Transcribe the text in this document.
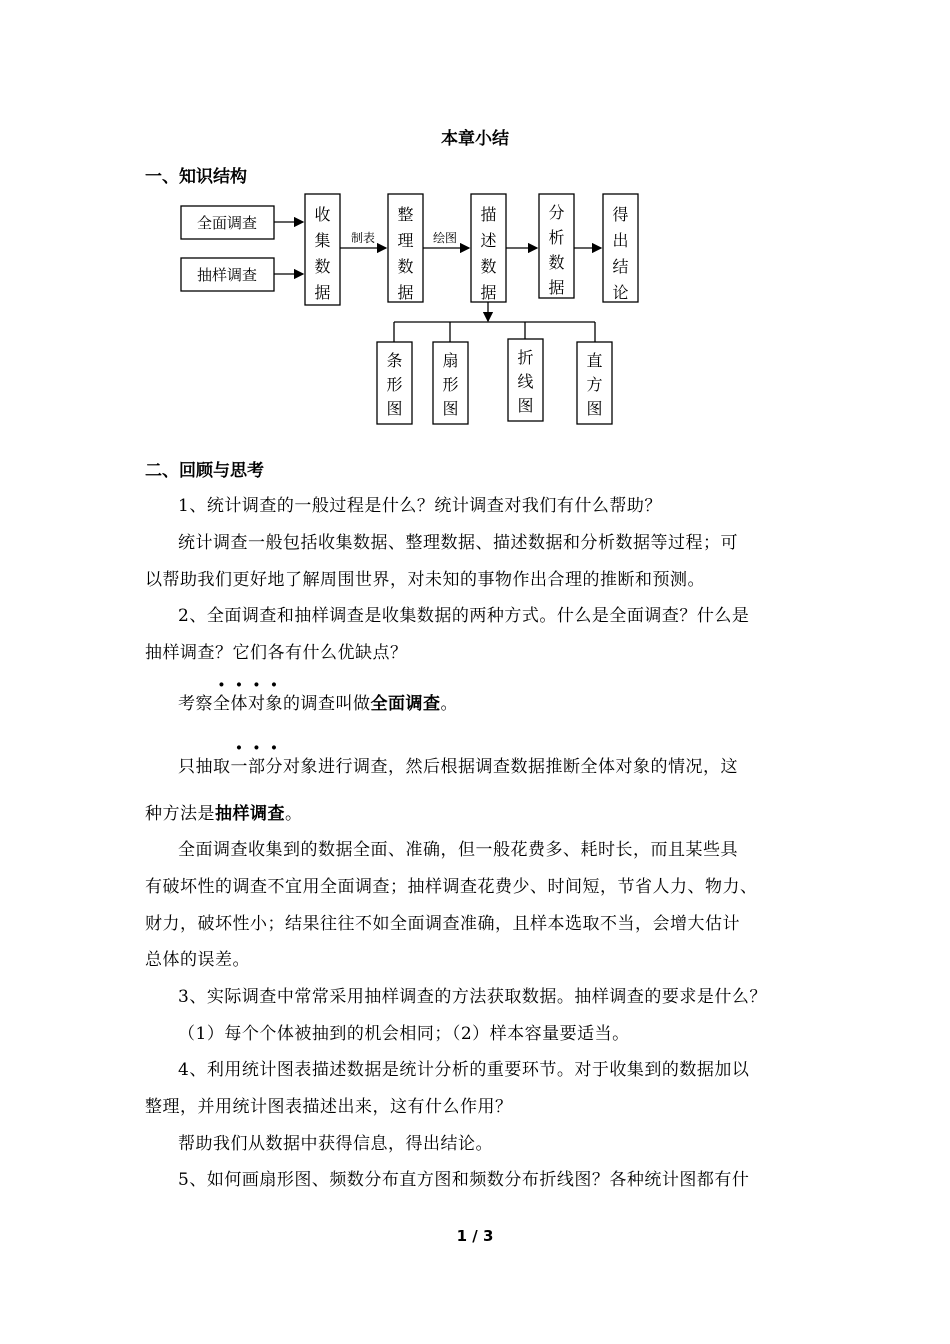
本章小结
一、知识结构
全面调查
抽样调查
制表	绘图
收
集
数
据
整
理
数
据
描
述
数
据
分
析
数
据
得
出
结
论
条
形
图
扇
形
图
折
线
图
直
方
图
二、回顾与思考
1、统计调查的一般过程是什么？统计调查对我们有什么帮助？
统计调查一般包括收集数据、整理数据、描述数据和分析数据等过程；可
以帮助我们更好地了解周围世界，对未知的事物作出合理的推断和预测。
2、全面调查和抽样调查是收集数据的两种方式。什么是全面调查？什么是
抽样调查？它们各有什么优缺点？
考察全体对象的调查叫做全面调查。
只抽取一部分对象进行调查，然后根据调查数据推断全体对象的情况，这
种方法是抽样调查。
全面调查收集到的数据全面、准确，但一般花费多、耗时长，而且某些具
有破坏性的调查不宜用全面调查；抽样调查花费少、时间短，节省人力、物力、
财力，破坏性小；结果往往不如全面调查准确，且样本选取不当，会增大估计
总体的误差。
3、实际调查中常常采用抽样调查的方法获取数据。抽样调查的要求是什么？
（1）每个个体被抽到的机会相同；（2）样本容量要适当。
4、利用统计图表描述数据是统计分析的重要环节。对于收集到的数据加以
整理，并用统计图表描述出来，这有什么作用？
帮助我们从数据中获得信息，得出结论。
5、如何画扇形图、频数分布直方图和频数分布折线图？各种统计图都有什
1 / 3
